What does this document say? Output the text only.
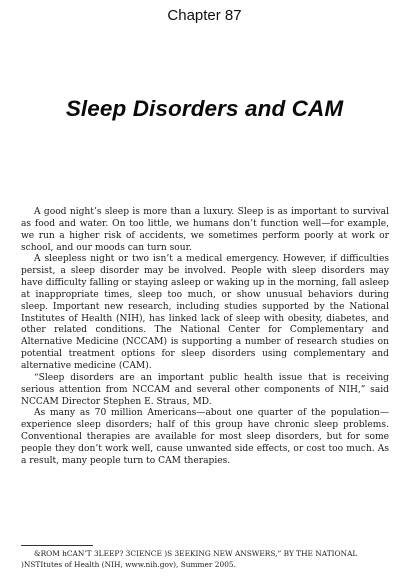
Chapter 87
Sleep Disorders and CAM

A good night’s sleep is more than a luxury. Sleep is as important to survival as food and water. On too little, we humans don’t function well—for example, we run a higher risk of accidents, we sometimes perform poorly at work or school, and our moods can turn sour.

A sleepless night or two isn’t a medical emergency. However, if difficulties persist, a sleep disorder may be involved. People with sleep disorders may have difficulty falling or staying asleep or waking up in the morning, fall asleep at inappropriate times, sleep too much, or show unusual behaviors during sleep. Important new research, including studies supported by the National Institutes of Health (NIH), has linked lack of sleep with obesity, diabetes, and other related conditions. The National Center for Complementary and Alternative Medicine (NCCAM) is supporting a number of research studies on potential treatment options for sleep disorders using complementary and alternative medicine (CAM).

“Sleep disorders are an important public health issue that is receiving serious attention from NCCAM and several other components of NIH,” said NCCAM Director Stephen E. Straus, MD.

As many as 70 million Americans—about one quarter of the population—experience sleep disorders; half of this group have chronic sleep problems. Conventional therapies are available for most sleep disorders, but for some people they don’t work well, cause unwanted side effects, or cost too much. As a result, many people turn to CAM therapies.

&ROM hCAN’T 3LEEP? 3CIENCE )S 3EEKING NEW ANSWERS,” BY THE NATIONAL )NSTItutes of Health (NIH, www.nih.gov), Summer 2005.
